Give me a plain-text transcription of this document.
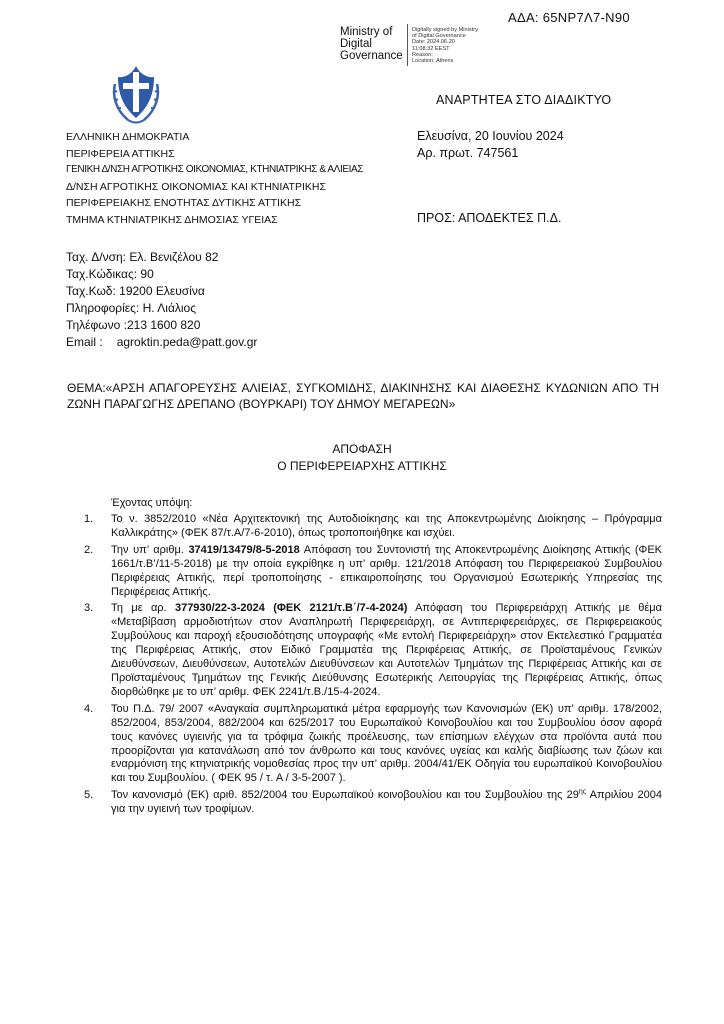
ΑΔΑ: 65ΝΡ7Λ7-Ν90
Ministry of
Digital
Governance
Digitally signed by Ministry
of Digital Governance
Date: 2024.06.20
11:08:32 EEST
Reason:
Location: Athens
ΑΝΑΡΤΗΤΕΑ ΣΤΟ ΔΙΑΔΙΚΤΥΟ
ΕΛΛΗΝΙΚΗ ΔΗΜΟΚΡΑΤΙΑ
ΠΕΡΙΦΕΡΕΙΑ ΑΤΤΙΚΗΣ
ΓΕΝΙΚΗ Δ/ΝΣΗ ΑΓΡΟΤΙΚΗΣ ΟΙΚΟΝΟΜΙΑΣ, ΚΤΗΝΙΑΤΡΙΚΗΣ & ΑΛΙΕΙΑΣ
Δ/ΝΣΗ ΑΓΡΟΤΙΚΗΣ ΟΙΚΟΝΟΜΙΑΣ ΚΑΙ ΚΤΗΝΙΑΤΡΙΚΗΣ
ΠΕΡΙΦΕΡΕΙΑΚΗΣ ΕΝΟΤΗΤΑΣ ΔΥΤΙΚΗΣ ΑΤΤΙΚΗΣ
ΤΜΗΜΑ ΚΤΗΝΙΑΤΡΙΚΗΣ ΔΗΜΟΣΙΑΣ ΥΓΕΙΑΣ
Ελευσίνα, 20 Ιουνίου 2024
Αρ. πρωτ. 747561
ΠΡΟΣ: ΑΠΟΔΕΚΤΕΣ Π.Δ.
Ταχ. Δ/νση: Ελ. Βενιζέλου 82
Ταχ.Κώδικας: 90
Ταχ.Κωδ: 19200 Ελευσίνα
Πληροφορίες: Η. Λιάλιος
Τηλέφωνο :213 1600 820
Email : agroktin.peda@patt.gov.gr
ΘΕΜΑ:«ΑΡΣΗ ΑΠΑΓΟΡΕΥΣΗΣ ΑΛΙΕΙΑΣ, ΣΥΓΚΟΜΙΔΗΣ, ΔΙΑΚΙΝΗΣΗΣ ΚΑΙ ΔΙΑΘΕΣΗΣ ΚΥΔΩΝΙΩΝ ΑΠΟ ΤΗ ΖΩΝΗ ΠΑΡΑΓΩΓΗΣ ΔΡΕΠΑΝΟ (ΒΟΥΡΚΑΡΙ) ΤΟΥ ΔΗΜΟΥ ΜΕΓΑΡΕΩΝ»
ΑΠΟΦΑΣΗ
Ο ΠΕΡΙΦΕΡΕΙΑΡΧΗΣ ΑΤΤΙΚΗΣ
Έχοντας υπόψη:
1. Το ν. 3852/2010 «Νέα Αρχιτεκτονική της Αυτοδιοίκησης και της Αποκεντρωμένης Διοίκησης – Πρόγραμμα Καλλικράτης» (ΦΕΚ 87/τ.Α/7-6-2010), όπως τροποποιήθηκε και ισχύει.
2. Την υπ’ αριθμ. 37419/13479/8-5-2018 Απόφαση του Συντονιστή της Αποκεντρωμένης Διοίκησης Αττικής (ΦΕΚ 1661/τ.Β’/11-5-2018) με την οποία εγκρίθηκε η υπ’ αριθμ. 121/2018 Απόφαση του Περιφερειακού Συμβουλίου Περιφέρειας Αττικής, περί τροποποίησης - επικαιροποίησης του Οργανισμού Εσωτερικής Υπηρεσίας της Περιφέρειας Αττικής.
3. Τη με αρ. 377930/22-3-2024 (ΦΕΚ 2121/τ.Β΄/7-4-2024) Απόφαση του Περιφερειάρχη Αττικής με θέμα «Μεταβίβαση αρμοδιοτήτων στον Αναπληρωτή Περιφερειάρχη, σε Αντιπεριφερειάρχες, σε Περιφερειακούς Συμβούλους και παροχή εξουσιοδότησης υπογραφής «Με εντολή Περιφερειάρχη» στον Εκτελεστικό Γραμματέα της Περιφέρειας Αττικής, στον Ειδικό Γραμματέα της Περιφέρειας Αττικής, σε Προϊσταμένους Γενικών Διευθύνσεων, Διευθύνσεων, Αυτοτελών Διευθύνσεων και Αυτοτελών Τμημάτων της Περιφέρειας Αττικής και σε Προϊσταμένους Τμημάτων της Γενικής Διεύθυνσης Εσωτερικής Λειτουργίας της Περιφέρειας Αττικής, όπως διορθώθηκε με το υπ’ αριθμ. ΦΕΚ 2241/τ.Β./15-4-2024.
4. Του Π.Δ. 79/ 2007 «Αναγκαία συμπληρωματικά μέτρα εφαρμογής των Κανονισμών (ΕΚ) υπ’ αριθμ. 178/2002, 852/2004, 853/2004, 882/2004 και 625/2017 του Ευρωπαϊκού Κοινοβουλίου και του Συμβουλίου όσον αφορά τους κανόνες υγιεινής για τα τρόφιμα ζωικής προέλευσης, των επίσημων ελέγχων στα προϊόντα αυτά που προορίζονται για κατανάλωση από τον άνθρωπο και τους κανόνες υγείας και καλής διαβίωσης των ζώων και εναρμόνιση της κτηνιατρικής νομοθεσίας προς την υπ’ αριθμ. 2004/41/ΕΚ Οδηγία του ευρωπαϊκού Κοινοβουλίου και του Συμβουλίου. ( ΦΕΚ 95 / τ. Α / 3-5-2007 ).
5. Τον κανονισμό (ΕΚ) αριθ. 852/2004 του Ευρωπαϊκού κοινοβουλίου και του Συμβουλίου της $29^{\eta\varsigma}$ Απριλίου 2004 για την υγιεινή των τροφίμων.
